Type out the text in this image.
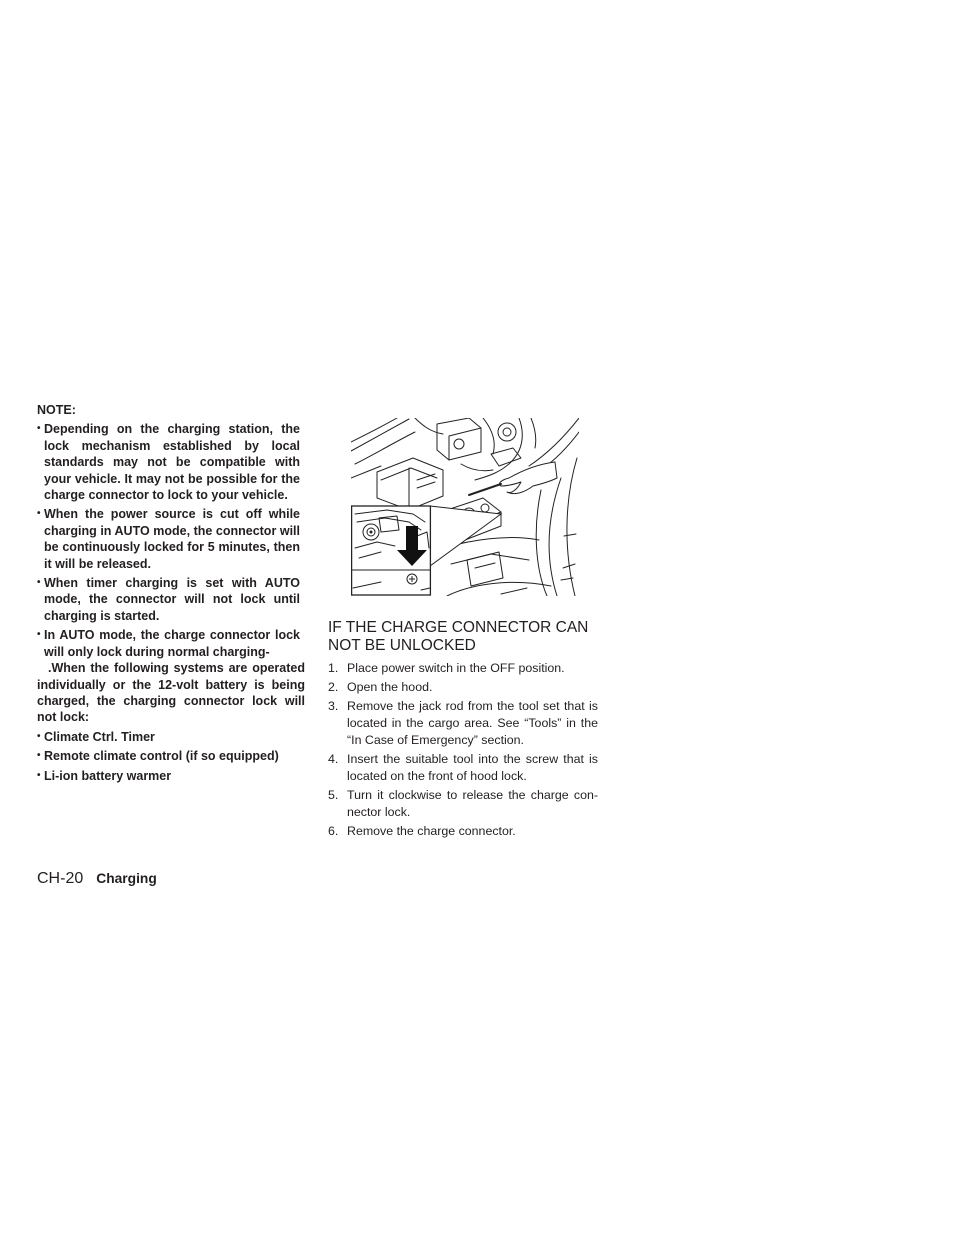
NOTE:
• Depending on the charging station, the lock mechanism established by local standards may not be compatible with your vehicle. It may not be possible for the charge connector to lock to your vehicle.
• When the power source is cut off while charging in AUTO mode, the connector will be continuously locked for 5 minutes, then it will be released.
• When timer charging is set with AUTO mode, the connector will not lock until charging is started.
• In AUTO mode, the charge connector lock will only lock during normal charging-

.When the following systems are operated individually or the 12-volt battery is being charged, the charging connector lock will not lock:

• Climate Ctrl. Timer
• Remote climate control (if so equipped)
• Li-ion battery warmer
IF THE CHARGE CONNECTOR CAN NOT BE UNLOCKED
1. Place power switch in the OFF position.
2. Open the hood.
3. Remove the jack rod from the tool set that is located in the cargo area. See “Tools” in the “In Case of Emergency” section.
4. Insert the suitable tool into the screw that is located on the front of hood lock.
5. Turn it clockwise to release the charge con-nector lock.
6. Remove the charge connector.
CH-20 Charging
